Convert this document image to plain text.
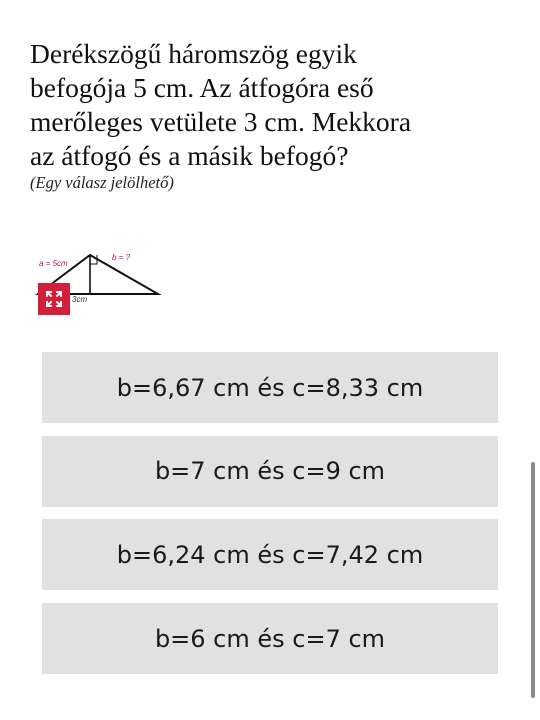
Derékszögű háromszög egyik
befogója 5 cm. Az átfogóra eső
merőleges vetülete 3 cm. Mekkora
az átfogó és a másik befogó?
(Egy válasz jelölhető)
a = 5cm
b = ?
3cm
b=6,67 cm és c=8,33 cm
b=7 cm és c=9 cm
b=6,24 cm és c=7,42 cm
b=6 cm és c=7 cm
